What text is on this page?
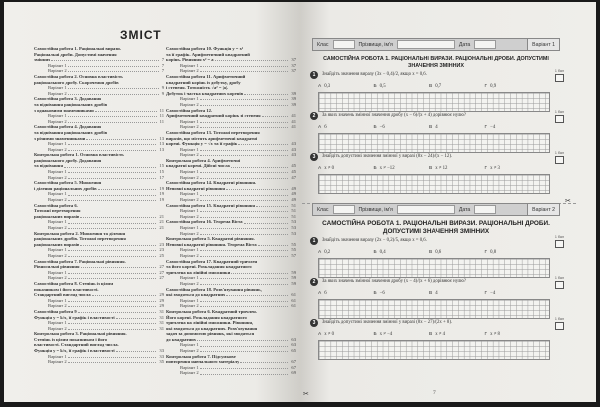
ЗМІСТ
Самостійна робота 1. Раціональні вирази.
Раціональні дроби. Допустимі значення
змінних	7
Варіант 1	7
Варіант 2	7
Самостійна робота 2. Основна властивість
раціонального дробу. Скорочення дробів
Варіант 1	9
Варіант 2	9
Самостійна робота 3. Додавання
та віднімання раціональних дробів
з однаковими знаменниками	11
Варіант 1	11
Варіант 2	11
Самостійна робота 4. Додавання
та віднімання раціональних дробів
з різними знаменниками	13
Варіант 1	13
Варіант 2	13
Контрольна робота 1. Основна властивість
раціонального дробу. Додавання
та віднімання	15
Варіант 1	15
Варіант 2	17
Самостійна робота 5. Множення
і ділення раціональних дробів	19
Варіант 1	19
Варіант 2	19
Самостійна робота 6.
Тотожні перетворення
раціональних виразів	21
Варіант 1	21
Варіант 2	21
Контрольна робота 2. Множення та ділення
раціональних дробів. Тотожні перетворення
раціональних виразів	23
Варіант 1	23
Варіант 2	25
Самостійна робота 7. Раціональні рівняння.
Рівносильні рівняння	27
Варіант 1	27
Варіант 2	27
Самостійна робота 8. Степінь із цілим
показником і його властивості.
Стандартний вигляд числа	29
Варіант 1	29
Варіант 2	29
Самостійна робота 9	31
Функція y = k/x, її графік і властивості	31
Варіант 1	31
Варіант 2	31
Контрольна робота 3. Раціональні рівняння.
Степінь із цілим показником і його
властивості. Стандартний вигляд числа.
Функція y = k/x, її графік і властивості	33
Варіант 1	33
Варіант 2	35
Самостійна робота 10. Функція y = x²
та її графік. Арифметичний квадратний
корінь. Рівняння x² = a	37
Варіант 1	37
Варіант 2	37
Самостійна робота 11. Арифметичний
квадратний корінь із добутку, дробу
і степеня. Тотожність √a² = |a|.
Добуток і частка квадратних коренів	39
Варіант 1	39
Варіант 2	39
Самостійна робота 12.
Арифметичний квадратний корінь зі степеня	41
Варіант 1	41
Варіант 2	41
Самостійна робота 13. Тотожні перетворення
виразів, що містять арифметичні квадратні
корені. Функція y = √x та її графік	43
Варіант 1	43
Варіант 2	43
Контрольна робота 4. Арифметичні
квадратні корені. Дійсні числа	45
Варіант 1	45
Варіант 2	47
Самостійна робота 14. Квадратні рівняння.
Неповні квадратні рівняння	49
Варіант 1	49
Варіант 2	49
Самостійна робота 15. Квадратні рівняння	51
Варіант 1	51
Варіант 2	51
Самостійна робота 16. Теорема Вієта	53
Варіант 1	53
Варіант 2	53
Контрольна робота 5. Квадратні рівняння.
Неповні квадратні рівняння. Теорема Вієта	55
Варіант 1	55
Варіант 2	57
Самостійна робота 17. Квадратний тричлен
та його корені. Розкладання квадратного
тричлена на лінійні множники	59
Варіант 1	59
Варіант 2	59
Самостійна робота 18. Розв'язування рівнянь,
які зводяться до квадратних	61
Варіант 1	61
Варіант 2	61
Контрольна робота 6. Квадратний тричлен.
Його корені. Розкладання квадратного
тричлена на лінійні множники. Рівняння,
які зводяться до квадратних. Розв'язування
задач за допомогою рівнянь, які зводяться
до квадратних	63
Варіант 1	63
Варіант 2	65
Контрольна робота 7. Підсумкове
повторення навчального матеріалу	67
Варіант 1	67
Варіант 2	69
Клас	Прізвище, ім'я	Дата	Варіант 1
САМОСТІЙНА РОБОТА 1. РАЦІОНАЛЬНІ ВИРАЗИ. РАЦІОНАЛЬНІ ДРОБИ. ДОПУСТИМІ ЗНАЧЕННЯ ЗМІННИХ
1	Знайдіть значення виразу (3x − 0,4)/2, якщо x = 0,6.
1 бал
А 0,3	Б 0,5	В 0,7	Г 0,9
2	За яких значень змінної значення дробу (x − 6)/(x + 4) дорівнює нулю?
1 бал
А 6	Б −6	В 4	Г −4
3	Знайдіть допустимі значення змінної у виразі (8x − 24)/(x − 12).
1 бал
А x ≠ 0	Б x ≠ −12	В x ≠ 12	Г x ≠ 3
✂
Клас	Прізвище, ім'я	Дата	Варіант 2
САМОСТІЙНА РОБОТА 1. РАЦІОНАЛЬНІ ВИРАЗИ. РАЦІОНАЛЬНІ ДРОБИ. ДОПУСТИМІ ЗНАЧЕННЯ ЗМІННИХ
1	Знайдіть значення виразу (2x − 0,2)/5, якщо x = 0,6.
1 бал
А 0,2	Б 0,4	В 0,6	Г 0,8
2	За яких значень змінної значення дробу (x − 4)/(x + 6) дорівнює нулю?
1 бал
А 6	Б −6	В 4	Г −4
3	Знайдіть допустимі значення змінної у виразі (8x − 27)/(2x + 8).
1 бал
А x ≠ 0	Б x ≠ −4	В x ≠ 4	Г x ≠ 8
✂	7
